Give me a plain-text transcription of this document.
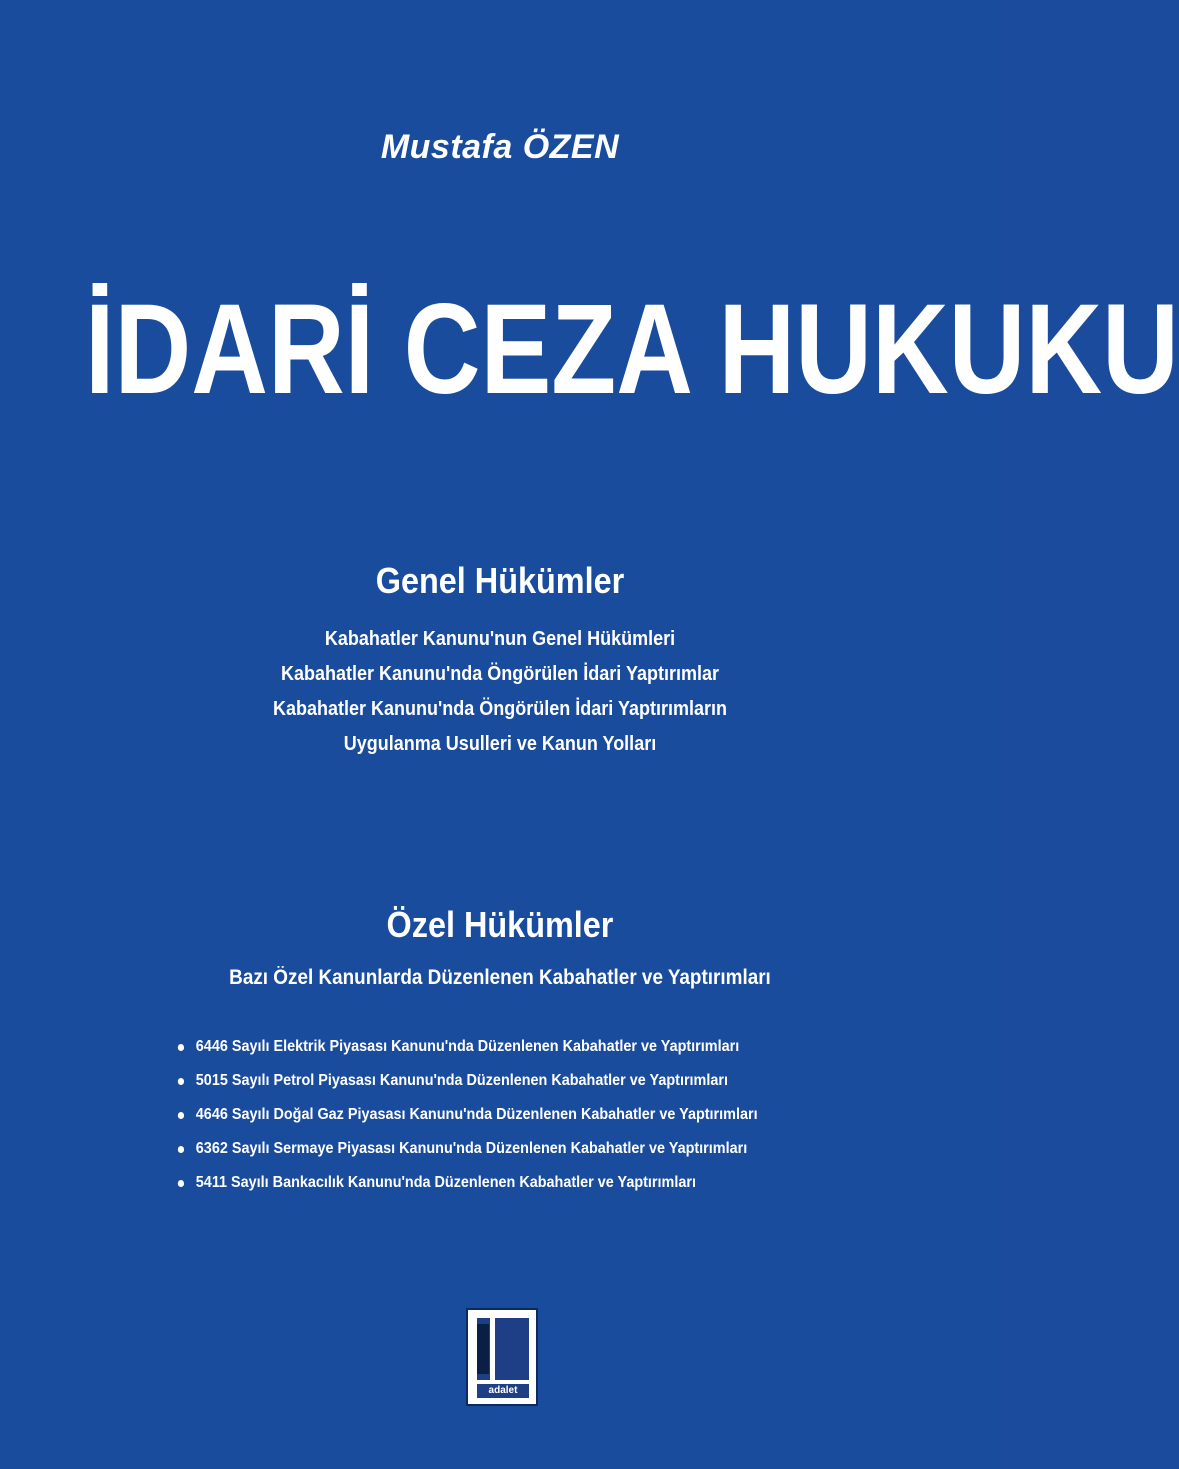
Mustafa ÖZEN
İDARİ CEZA HUKUKU
Genel Hükümler
Kabahatler Kanunu'nun Genel Hükümleri
Kabahatler Kanunu'nda Öngörülen İdari Yaptırımlar
Kabahatler Kanunu'nda Öngörülen İdari Yaptırımların
Uygulanma Usulleri ve Kanun Yolları
Özel Hükümler
Bazı Özel Kanunlarda Düzenlenen Kabahatler ve Yaptırımları
6446 Sayılı Elektrik Piyasası Kanunu'nda Düzenlenen Kabahatler ve Yaptırımları
5015 Sayılı Petrol Piyasası Kanunu'nda Düzenlenen Kabahatler ve Yaptırımları
4646 Sayılı Doğal Gaz Piyasası Kanunu'nda Düzenlenen Kabahatler ve Yaptırımları
6362 Sayılı Sermaye Piyasası Kanunu'nda Düzenlenen Kabahatler ve Yaptırımları
5411 Sayılı Bankacılık Kanunu'nda Düzenlenen Kabahatler ve Yaptırımları
adalet
